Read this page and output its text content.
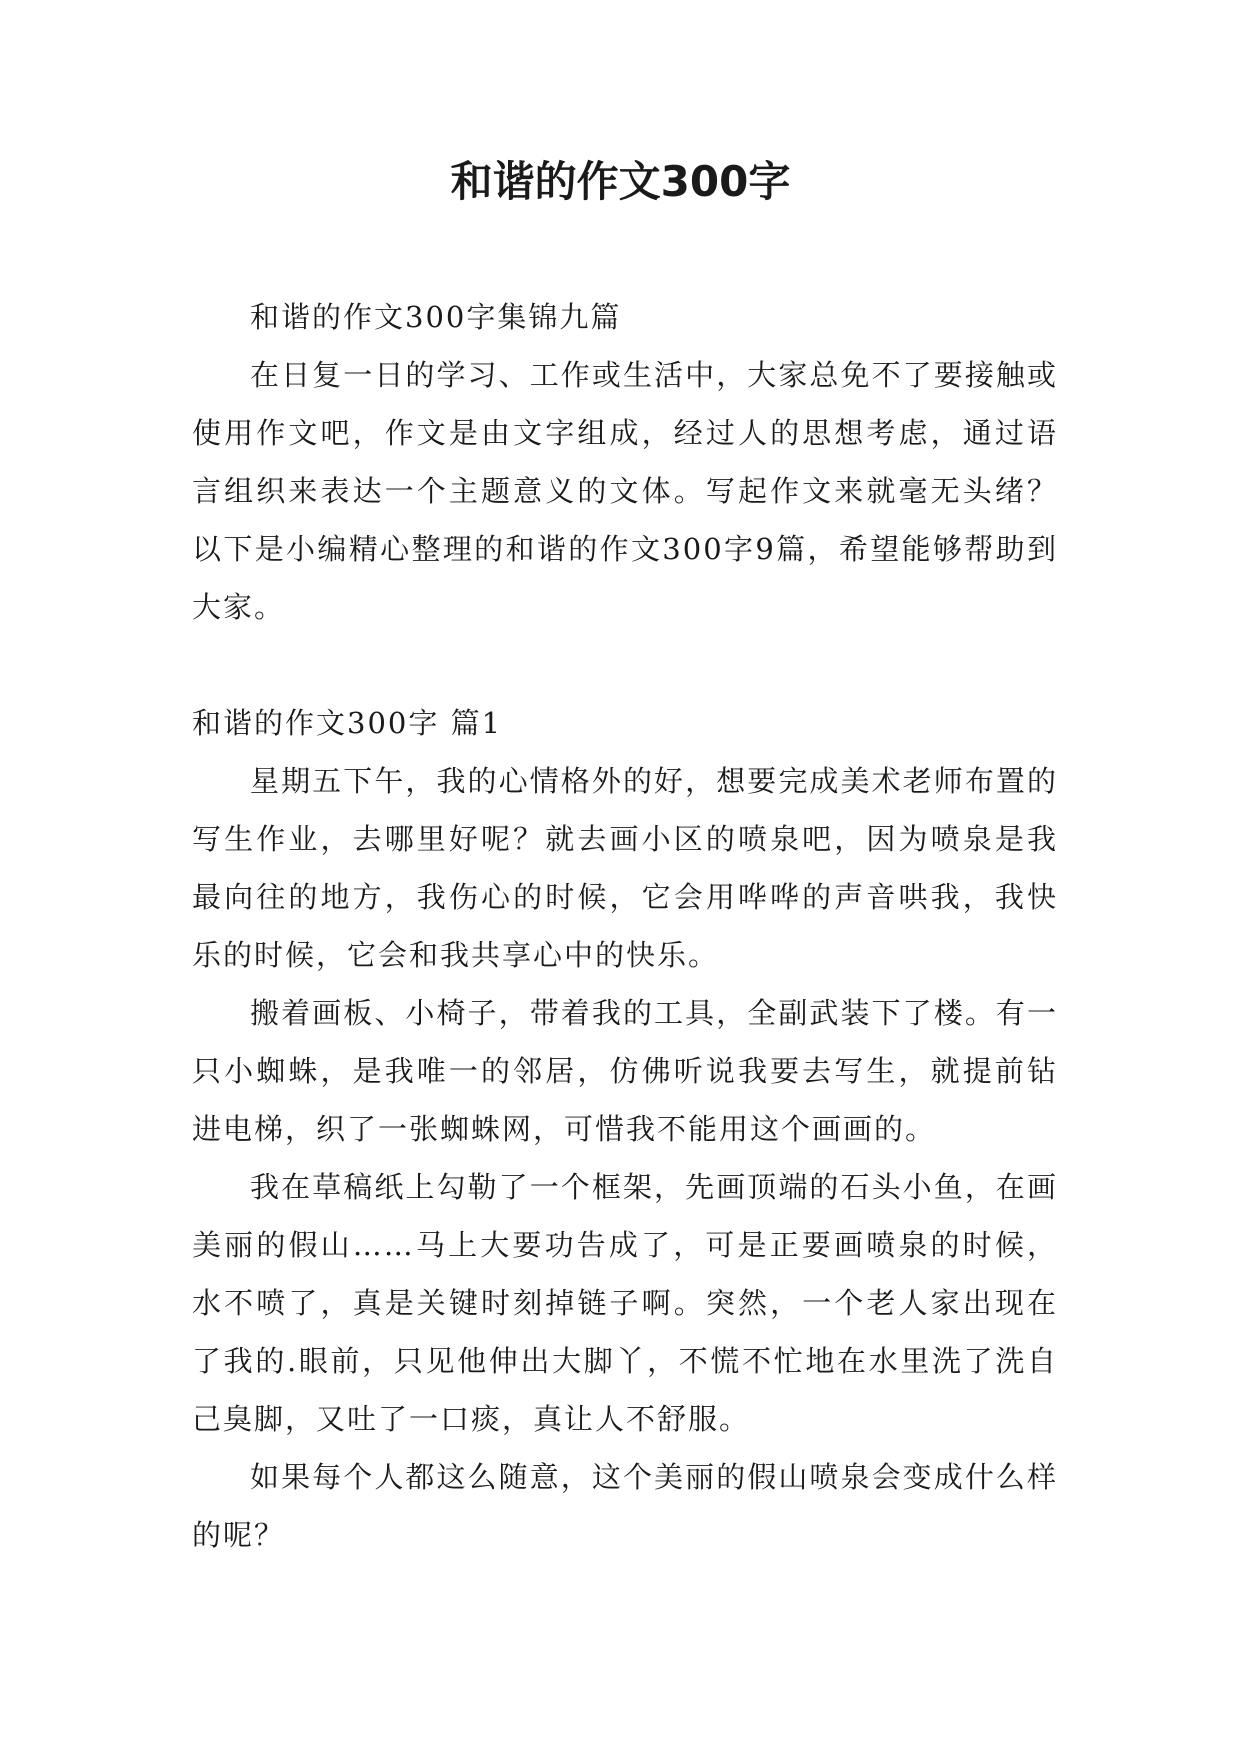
和谐的作文300字

和谐的作文300字集锦九篇

在日复一日的学习、工作或生活中，大家总免不了要接触或使用作文吧，作文是由文字组成，经过人的思想考虑，通过语言组织来表达一个主题意义的文体。写起作文来就毫无头绪？以下是小编精心整理的和谐的作文300字9篇，希望能够帮助到大家。

和谐的作文300字 篇1

星期五下午，我的心情格外的好，想要完成美术老师布置的写生作业，去哪里好呢？就去画小区的喷泉吧，因为喷泉是我最向往的地方，我伤心的时候，它会用哗哗的声音哄我，我快乐的时候，它会和我共享心中的快乐。

搬着画板、小椅子，带着我的工具，全副武装下了楼。有一只小蜘蛛，是我唯一的邻居，仿佛听说我要去写生，就提前钻进电梯，织了一张蜘蛛网，可惜我不能用这个画画的。

我在草稿纸上勾勒了一个框架，先画顶端的石头小鱼，在画美丽的假山……马上大要功告成了，可是正要画喷泉的时候，水不喷了，真是关键时刻掉链子啊。突然，一个老人家出现在了我的.眼前，只见他伸出大脚丫，不慌不忙地在水里洗了洗自己臭脚，又吐了一口痰，真让人不舒服。

如果每个人都这么随意，这个美丽的假山喷泉会变成什么样的呢？
